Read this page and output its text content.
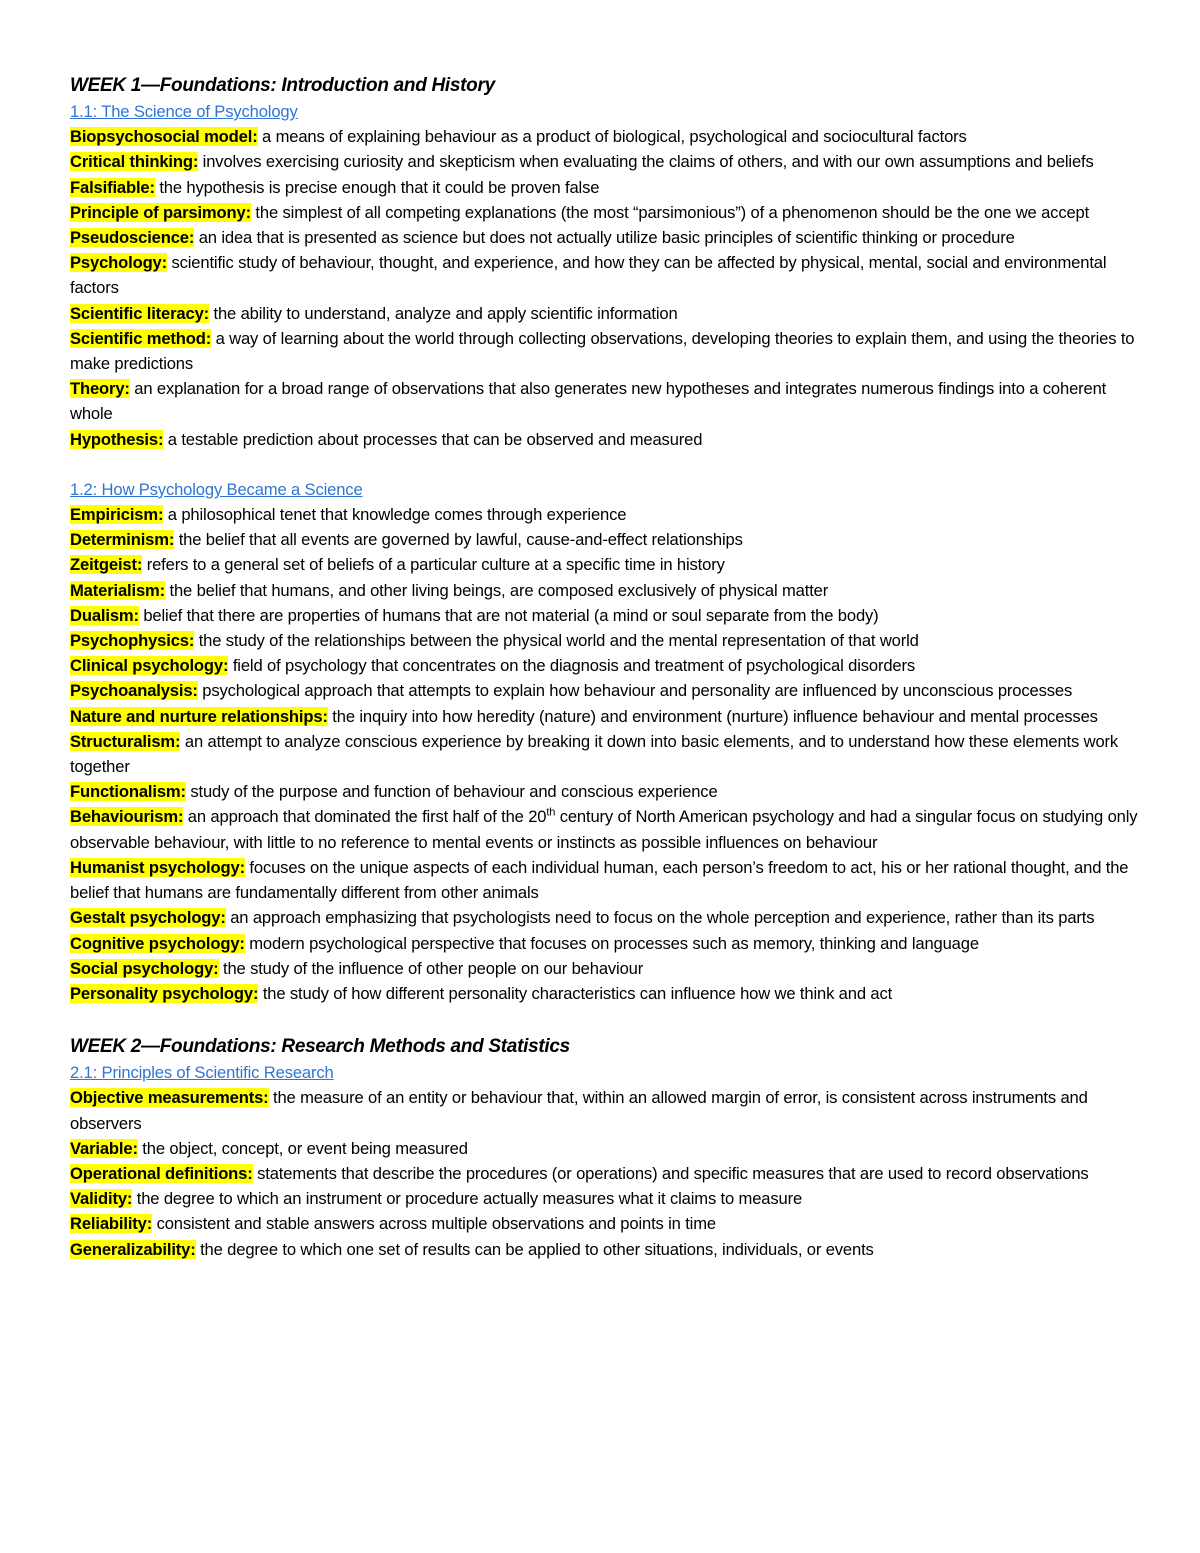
WEEK 1—Foundations: Introduction and History

1.1: The Science of Psychology

Biopsychosocial model: a means of explaining behaviour as a product of biological, psychological and sociocultural factors

Critical thinking: involves exercising curiosity and skepticism when evaluating the claims of others, and with our own assumptions and beliefs

Falsifiable: the hypothesis is precise enough that it could be proven false

Principle of parsimony: the simplest of all competing explanations (the most “parsimonious”) of a phenomenon should be the one we accept

Pseudoscience: an idea that is presented as science but does not actually utilize basic principles of scientific thinking or procedure

Psychology: scientific study of behaviour, thought, and experience, and how they can be affected by physical, mental, social and environmental factors

Scientific literacy: the ability to understand, analyze and apply scientific information

Scientific method: a way of learning about the world through collecting observations, developing theories to explain them, and using the theories to make predictions

Theory: an explanation for a broad range of observations that also generates new hypotheses and integrates numerous findings into a coherent whole

Hypothesis: a testable prediction about processes that can be observed and measured

1.2: How Psychology Became a Science

Empiricism: a philosophical tenet that knowledge comes through experience

Determinism: the belief that all events are governed by lawful, cause-and-effect relationships

Zeitgeist: refers to a general set of beliefs of a particular culture at a specific time in history

Materialism: the belief that humans, and other living beings, are composed exclusively of physical matter

Dualism: belief that there are properties of humans that are not material (a mind or soul separate from the body)

Psychophysics: the study of the relationships between the physical world and the mental representation of that world

Clinical psychology: field of psychology that concentrates on the diagnosis and treatment of psychological disorders

Psychoanalysis: psychological approach that attempts to explain how behaviour and personality are influenced by unconscious processes

Nature and nurture relationships: the inquiry into how heredity (nature) and environment (nurture) influence behaviour and mental processes

Structuralism: an attempt to analyze conscious experience by breaking it down into basic elements, and to understand how these elements work together

Functionalism: study of the purpose and function of behaviour and conscious experience

Behaviourism: an approach that dominated the first half of the 20th century of North American psychology and had a singular focus on studying only observable behaviour, with little to no reference to mental events or instincts as possible influences on behaviour

Humanist psychology: focuses on the unique aspects of each individual human, each person’s freedom to act, his or her rational thought, and the belief that humans are fundamentally different from other animals

Gestalt psychology: an approach emphasizing that psychologists need to focus on the whole perception and experience, rather than its parts

Cognitive psychology: modern psychological perspective that focuses on processes such as memory, thinking and language

Social psychology: the study of the influence of other people on our behaviour

Personality psychology: the study of how different personality characteristics can influence how we think and act

WEEK 2—Foundations: Research Methods and Statistics

2.1: Principles of Scientific Research

Objective measurements: the measure of an entity or behaviour that, within an allowed margin of error, is consistent across instruments and observers

Variable: the object, concept, or event being measured

Operational definitions: statements that describe the procedures (or operations) and specific measures that are used to record observations

Validity: the degree to which an instrument or procedure actually measures what it claims to measure

Reliability: consistent and stable answers across multiple observations and points in time

Generalizability: the degree to which one set of results can be applied to other situations, individuals, or events
